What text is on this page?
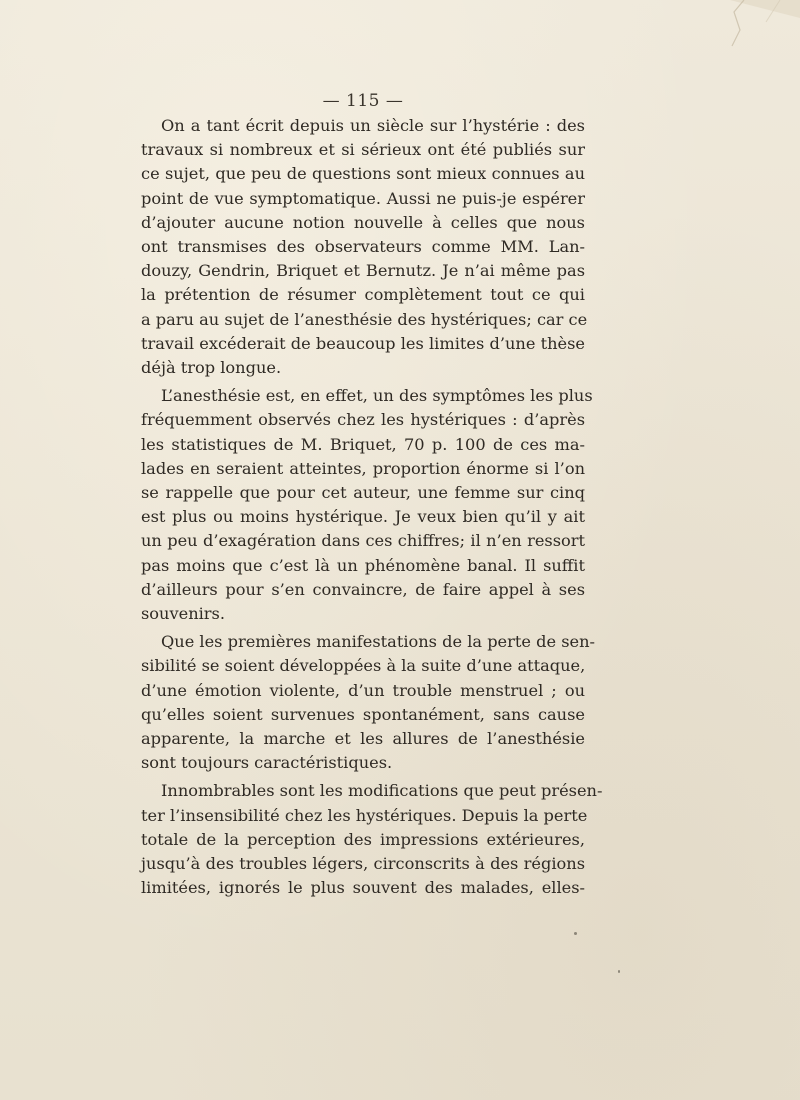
— 115 —

On a tant écrit depuis un siècle sur l’hystérie : des
travaux si nombreux et si sérieux ont été publiés sur
ce sujet, que peu de questions sont mieux connues au
point de vue symptomatique. Aussi ne puis-je espérer
d’ajouter aucune notion nouvelle à celles que nous
ont transmises des observateurs comme MM. Lan-
douzy, Gendrin, Briquet et Bernutz. Je n’ai même pas
la prétention de résumer complètement tout ce qui
a paru au sujet de l’anesthésie des hystériques; car ce
travail excéderait de beaucoup les limites d’une thèse
déjà trop longue.

L’anesthésie est, en effet, un des symptômes les plus
fréquemment observés chez les hystériques : d’après
les statistiques de M. Briquet, 70 p. 100 de ces ma-
lades en seraient atteintes, proportion énorme si l’on
se rappelle que pour cet auteur, une femme sur cinq
est plus ou moins hystérique. Je veux bien qu’il y ait
un peu d’exagération dans ces chiffres; il n’en ressort
pas moins que c’est là un phénomène banal. Il suffit
d’ailleurs pour s’en convaincre, de faire appel à ses
souvenirs.

Que les premières manifestations de la perte de sen-
sibilité se soient développées à la suite d’une attaque,
d’une émotion violente, d’un trouble menstruel ; ou
qu’elles soient survenues spontanément, sans cause
apparente, la marche et les allures de l’anesthésie
sont toujours caractéristiques.

Innombrables sont les modifications que peut présen-
ter l’insensibilité chez les hystériques. Depuis la perte
totale de la perception des impressions extérieures,
jusqu’à des troubles légers, circonscrits à des régions
limitées, ignorés le plus souvent des malades, elles-
